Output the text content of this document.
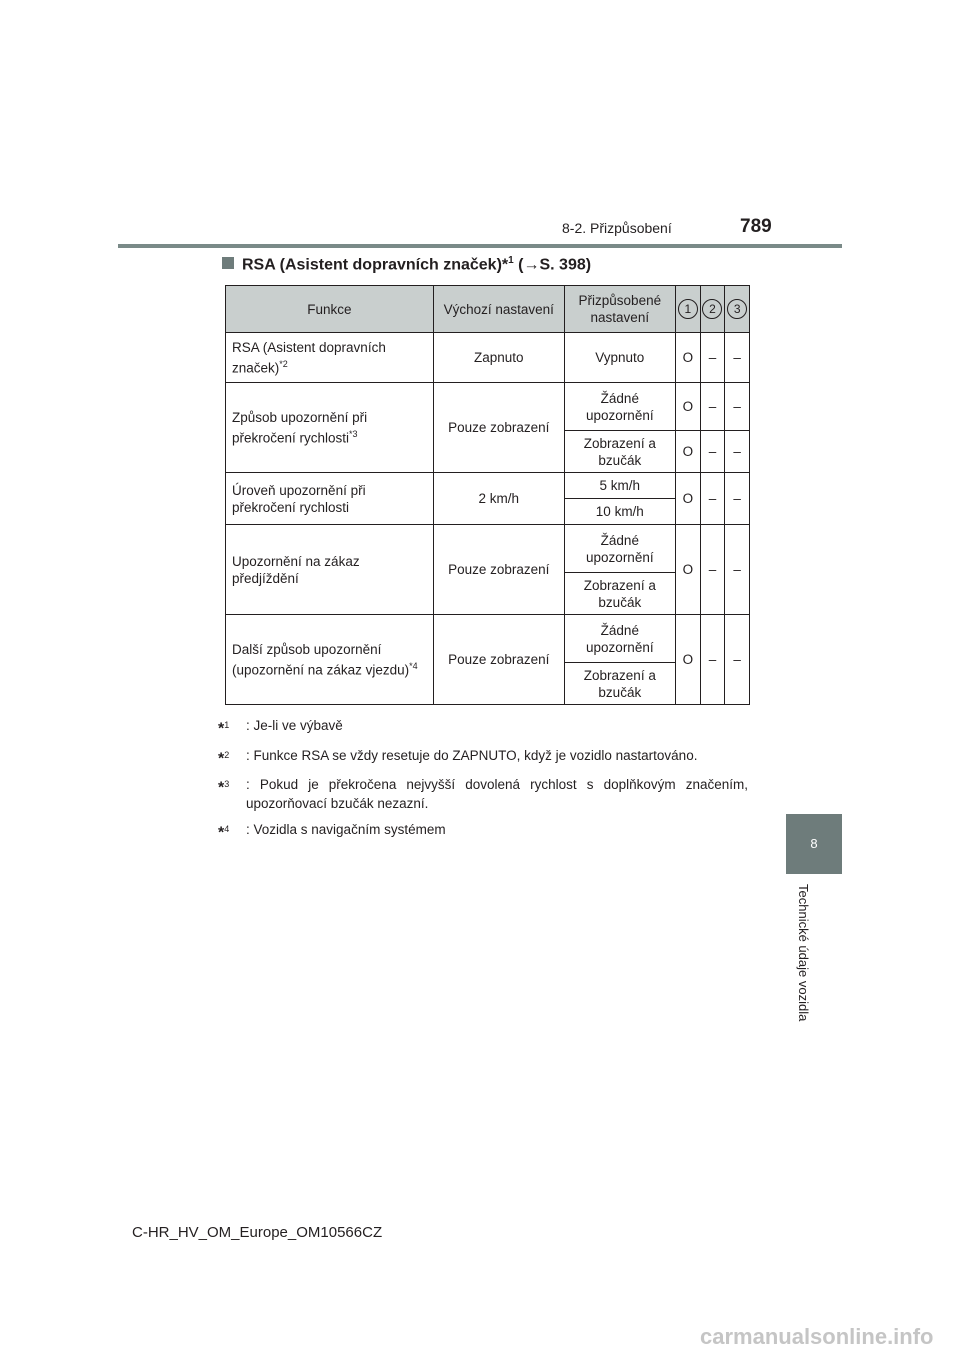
8-2. Přizpůsobení	789
8
Technické údaje vozidla
RSA (Asistent dopravních značek)*$^1$ (→S. 398)
Funkce	Výchozí nastavení	Přizpůsobené nastavení	1	2	3
RSA (Asistent dopravních značek)$^{*2}$	Zapnuto	Vypnuto	O	–	–
Způsob upozornění při překročení rychlosti$^{*3}$	Pouze zobrazení	Žádné upozornění	O	–	–
		Zobrazení a bzučák	O	–	–
Úroveň upozornění při překročení rychlosti	2 km/h	5 km/h	O	–	–
		10 km/h			
Upozornění na zákaz předjíždění	Pouze zobrazení	Žádné upozornění	O	–	–
		Zobrazení a bzučák			
Další způsob upozornění (upozornění na zákaz vjezdu)$^{*4}$	Pouze zobrazení	Žádné upozornění	O	–	–
		Zobrazení a bzučák			
*$^1$	: Je-li ve výbavě
*$^2$	: Funkce RSA se vždy resetuje do ZAPNUTO, když je vozidlo nastartováno.
*$^3$	: Pokud je překročena nejvyšší dovolená rychlost s doplňkovým značením, upozorňovací bzučák nezazní.
*$^4$	: Vozidla s navigačním systémem
C-HR_HV_OM_Europe_OM10566CZ
carmanualsonline.info
